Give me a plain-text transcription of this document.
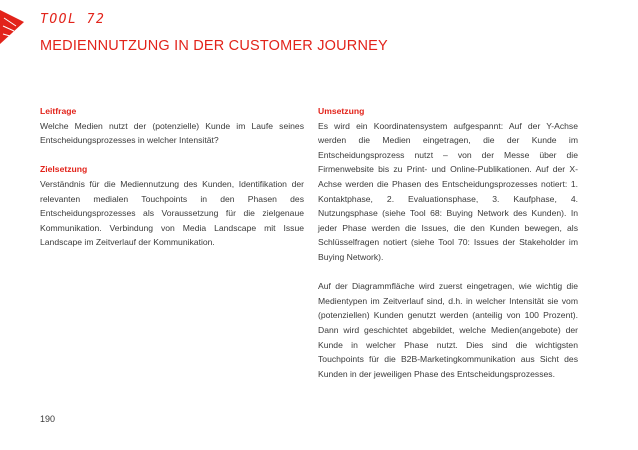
TOOL 72
MEDIENNUTZUNG IN DER CUSTOMER JOURNEY

Leitfrage

Welche Medien nutzt der (potenzielle) Kunde im Laufe seines Entscheidungsprozesses in welcher Intensität?

Zielsetzung

Verständnis für die Mediennutzung des Kunden, Identifikation der relevanten medialen Touchpoints in den Phasen des Entscheidungsprozesses als Voraussetzung für die zielgenaue Kommunikation. Verbindung von Media Landscape mit Issue Landscape im Zeitverlauf der Kommunikation.

Umsetzung

Es wird ein Koordinatensystem aufgespannt: Auf der Y-Achse werden die Medien eingetragen, die der Kunde im Entscheidungsprozess nutzt – von der Messe über die Firmenwebsite bis zu Print- und Online-Publikationen. Auf der X-Achse werden die Phasen des Entscheidungsprozesses notiert: 1. Kontaktphase, 2. Evaluationsphase, 3. Kaufphase, 4. Nutzungsphase (siehe Tool 68: Buying Network des Kunden). In jeder Phase werden die Issues, die den Kunden bewegen, als Schlüsselfragen notiert (siehe Tool 70: Issues der Stakeholder im Buying Network).

Auf der Diagrammfläche wird zuerst eingetragen, wie wichtig die Medientypen im Zeitverlauf sind, d.h. in welcher Intensität sie vom (potenziellen) Kunden genutzt werden (anteilig von 100 Prozent). Dann wird geschichtet abgebildet, welche Medien(angebote) der Kunde in welcher Phase nutzt. Dies sind die wichtigsten Touchpoints für die B2B-Marketingkommunikation aus Sicht des Kunden in der jeweiligen Phase des Entscheidungsprozesses.

190
